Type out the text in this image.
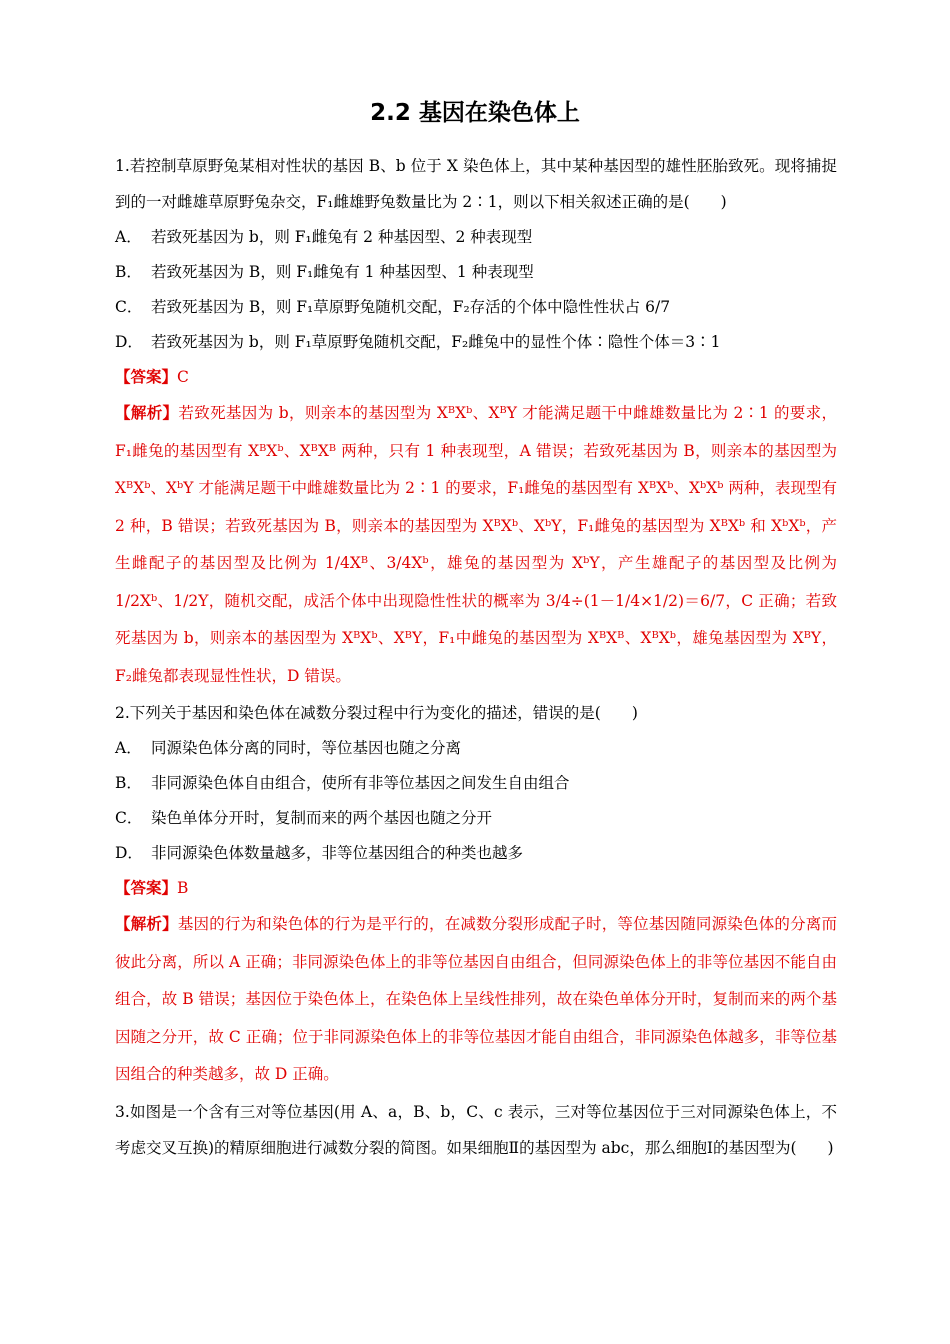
2.2 基因在染色体上

1.若控制草原野兔某相对性状的基因 B、b 位于 X 染色体上，其中某种基因型的雄性胚胎致死。现将捕捉到的一对雌雄草原野兔杂交，F₁雌雄野兔数量比为 2∶1，则以下相关叙述正确的是(　　)

A． 若致死基因为 b，则 F₁雌兔有 2 种基因型、2 种表现型

B． 若致死基因为 B，则 F₁雌兔有 1 种基因型、1 种表现型

C． 若致死基因为 B，则 F₁草原野兔随机交配，F₂存活的个体中隐性性状占 6/7

D． 若致死基因为 b，则 F₁草原野兔随机交配，F₂雌兔中的显性个体∶隐性个体＝3∶1

【答案】C

【解析】若致死基因为 b，则亲本的基因型为 XᴮXᵇ、XᴮY 才能满足题干中雌雄数量比为 2∶1 的要求，F₁雌兔的基因型有 XᴮXᵇ、XᴮXᴮ 两种，只有 1 种表现型，A 错误；若致死基因为 B，则亲本的基因型为 XᴮXᵇ、XᵇY 才能满足题干中雌雄数量比为 2∶1 的要求，F₁雌兔的基因型有 XᴮXᵇ、XᵇXᵇ 两种，表现型有 2 种，B 错误；若致死基因为 B，则亲本的基因型为 XᴮXᵇ、XᵇY，F₁雌兔的基因型为 XᴮXᵇ 和 XᵇXᵇ，产生雌配子的基因型及比例为 1/4Xᴮ、3/4Xᵇ，雄兔的基因型为 XᵇY，产生雄配子的基因型及比例为 1/2Xᵇ、1/2Y，随机交配，成活个体中出现隐性性状的概率为 3/4÷(1－1/4×1/2)＝6/7，C 正确；若致死基因为 b，则亲本的基因型为 XᴮXᵇ、XᴮY，F₁中雌兔的基因型为 XᴮXᴮ、XᴮXᵇ，雄兔基因型为 XᴮY，F₂雌兔都表现显性性状，D 错误。

2.下列关于基因和染色体在减数分裂过程中行为变化的描述，错误的是(　　)

A． 同源染色体分离的同时，等位基因也随之分离

B． 非同源染色体自由组合，使所有非等位基因之间发生自由组合

C． 染色单体分开时，复制而来的两个基因也随之分开

D． 非同源染色体数量越多，非等位基因组合的种类也越多

【答案】B

【解析】基因的行为和染色体的行为是平行的，在减数分裂形成配子时，等位基因随同源染色体的分离而彼此分离，所以 A 正确；非同源染色体上的非等位基因自由组合，但同源染色体上的非等位基因不能自由组合，故 B 错误；基因位于染色体上，在染色体上呈线性排列，故在染色单体分开时，复制而来的两个基因随之分开，故 C 正确；位于非同源染色体上的非等位基因才能自由组合，非同源染色体越多，非等位基因组合的种类越多，故 D 正确。

3.如图是一个含有三对等位基因(用 A、a，B、b，C、c 表示，三对等位基因位于三对同源染色体上，不考虑交叉互换)的精原细胞进行减数分裂的简图。如果细胞Ⅱ的基因型为 abc，那么细胞Ⅰ的基因型为(　　)
